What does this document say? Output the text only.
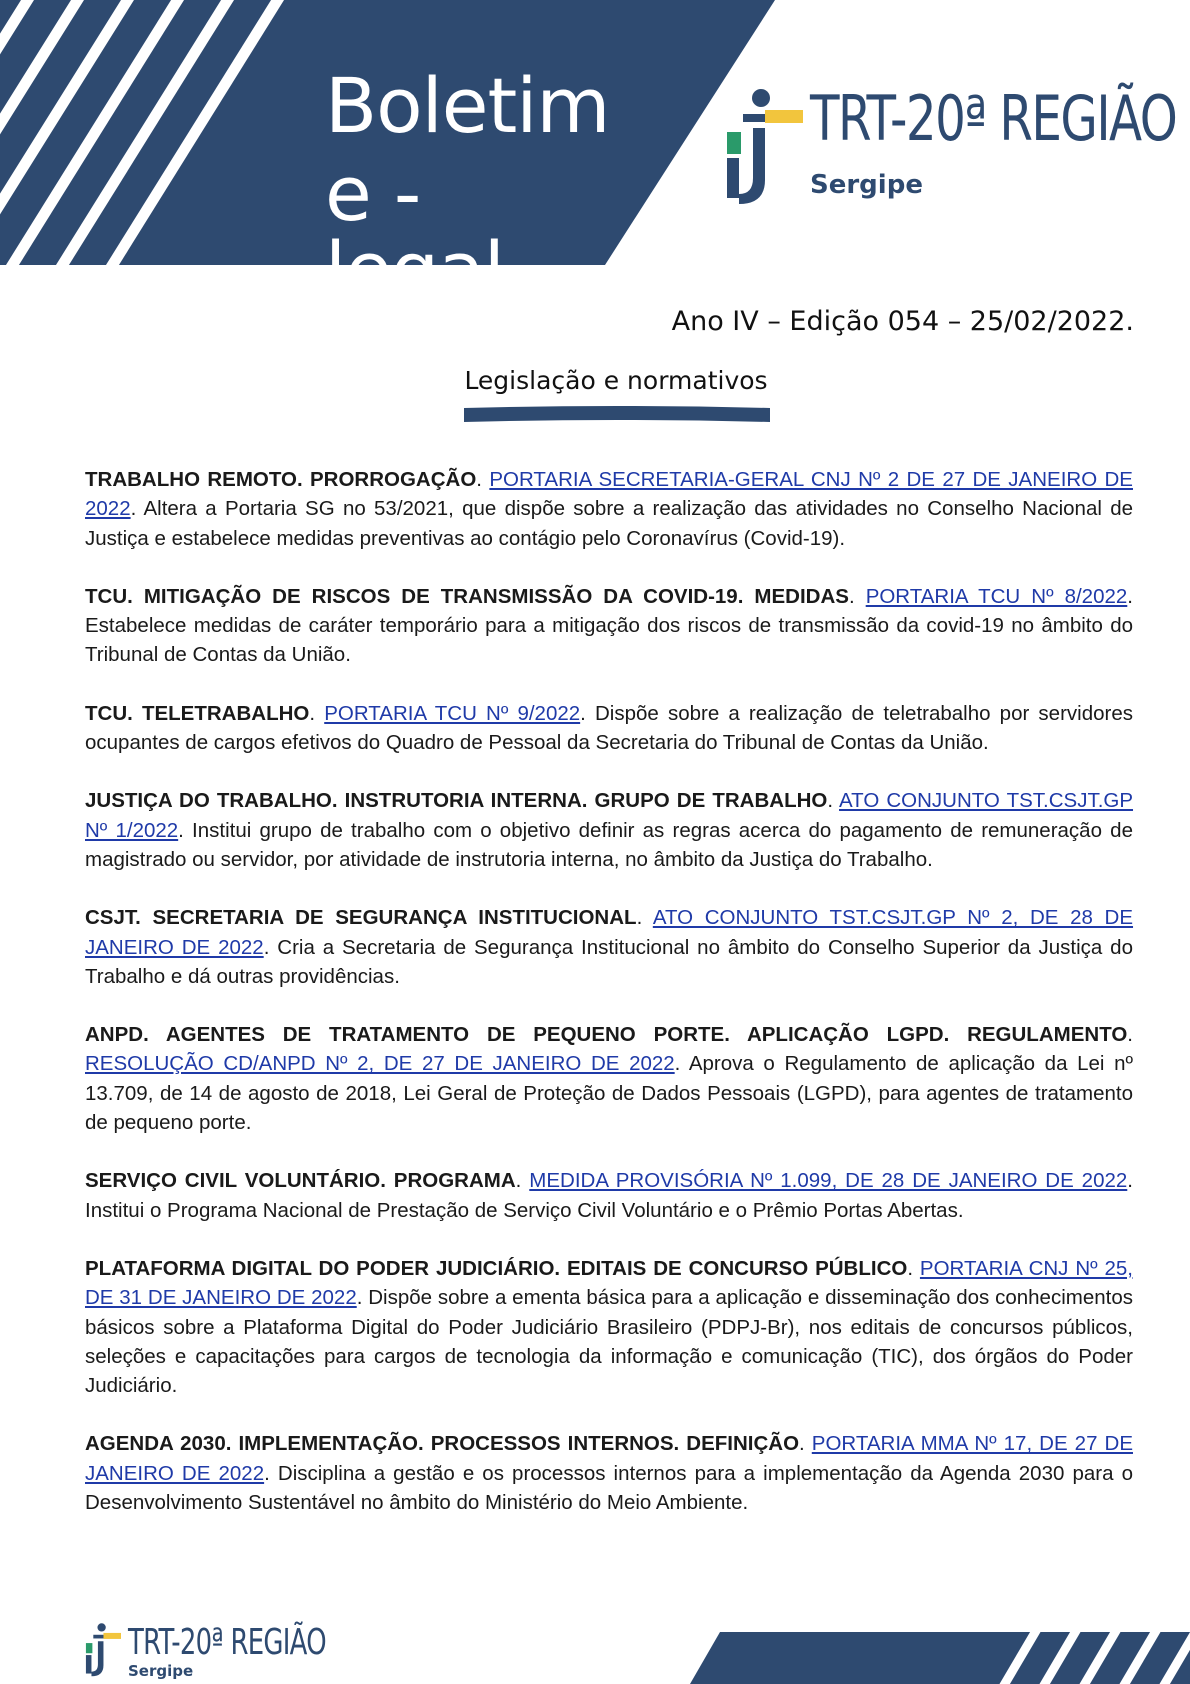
Boletim
e -legal
TRT-20ª REGIÃO
Sergipe
Ano IV – Edição 054 – 25/02/2022.
Legislação e normativos

TRABALHO REMOTO. PRORROGAÇÃO. PORTARIA SECRETARIA-GERAL CNJ Nº 2 DE 27 DE JANEIRO DE 2022. Altera a Portaria SG no 53/2021, que dispõe sobre a realização das atividades no Conselho Nacional de Justiça e estabelece medidas preventivas ao contágio pelo Coronavírus (Covid-19).

TCU. MITIGAÇÃO DE RISCOS DE TRANSMISSÃO DA COVID-19. MEDIDAS. PORTARIA TCU Nº 8/2022. Estabelece medidas de caráter temporário para a mitigação dos riscos de transmissão da covid-19 no âmbito do Tribunal de Contas da União.

TCU. TELETRABALHO. PORTARIA TCU Nº 9/2022. Dispõe sobre a realização de teletrabalho por servidores ocupantes de cargos efetivos do Quadro de Pessoal da Secretaria do Tribunal de Contas da União.

JUSTIÇA DO TRABALHO. INSTRUTORIA INTERNA. GRUPO DE TRABALHO. ATO CONJUNTO TST.CSJT.GP Nº 1/2022. Institui grupo de trabalho com o objetivo definir as regras acerca do pagamento de remuneração de magistrado ou servidor, por atividade de instrutoria interna, no âmbito da Justiça do Trabalho.

CSJT. SECRETARIA DE SEGURANÇA INSTITUCIONAL. ATO CONJUNTO TST.CSJT.GP Nº 2, DE 28 DE JANEIRO DE 2022. Cria a Secretaria de Segurança Institucional no âmbito do Conselho Superior da Justiça do Trabalho e dá outras providências.

ANPD. AGENTES DE TRATAMENTO DE PEQUENO PORTE. APLICAÇÃO LGPD. REGULAMENTO. RESOLUÇÃO CD/ANPD Nº 2, DE 27 DE JANEIRO DE 2022. Aprova o Regulamento de aplicação da Lei nº 13.709, de 14 de agosto de 2018, Lei Geral de Proteção de Dados Pessoais (LGPD), para agentes de tratamento de pequeno porte.

SERVIÇO CIVIL VOLUNTÁRIO. PROGRAMA. MEDIDA PROVISÓRIA Nº 1.099, DE 28 DE JANEIRO DE 2022. Institui o Programa Nacional de Prestação de Serviço Civil Voluntário e o Prêmio Portas Abertas.

PLATAFORMA DIGITAL DO PODER JUDICIÁRIO. EDITAIS DE CONCURSO PÚBLICO. PORTARIA CNJ Nº 25, DE 31 DE JANEIRO DE 2022. Dispõe sobre a ementa básica para a aplicação e disseminação dos conhecimentos básicos sobre a Plataforma Digital do Poder Judiciário Brasileiro (PDPJ-Br), nos editais de concursos públicos, seleções e capacitações para cargos de tecnologia da informação e comunicação (TIC), dos órgãos do Poder Judiciário.

AGENDA 2030. IMPLEMENTAÇÃO. PROCESSOS INTERNOS. DEFINIÇÃO. PORTARIA MMA Nº 17, DE 27 DE JANEIRO DE 2022. Disciplina a gestão e os processos internos para a implementação da Agenda 2030 para o Desenvolvimento Sustentável no âmbito do Ministério do Meio Ambiente.

TRT-20ª REGIÃO
Sergipe
